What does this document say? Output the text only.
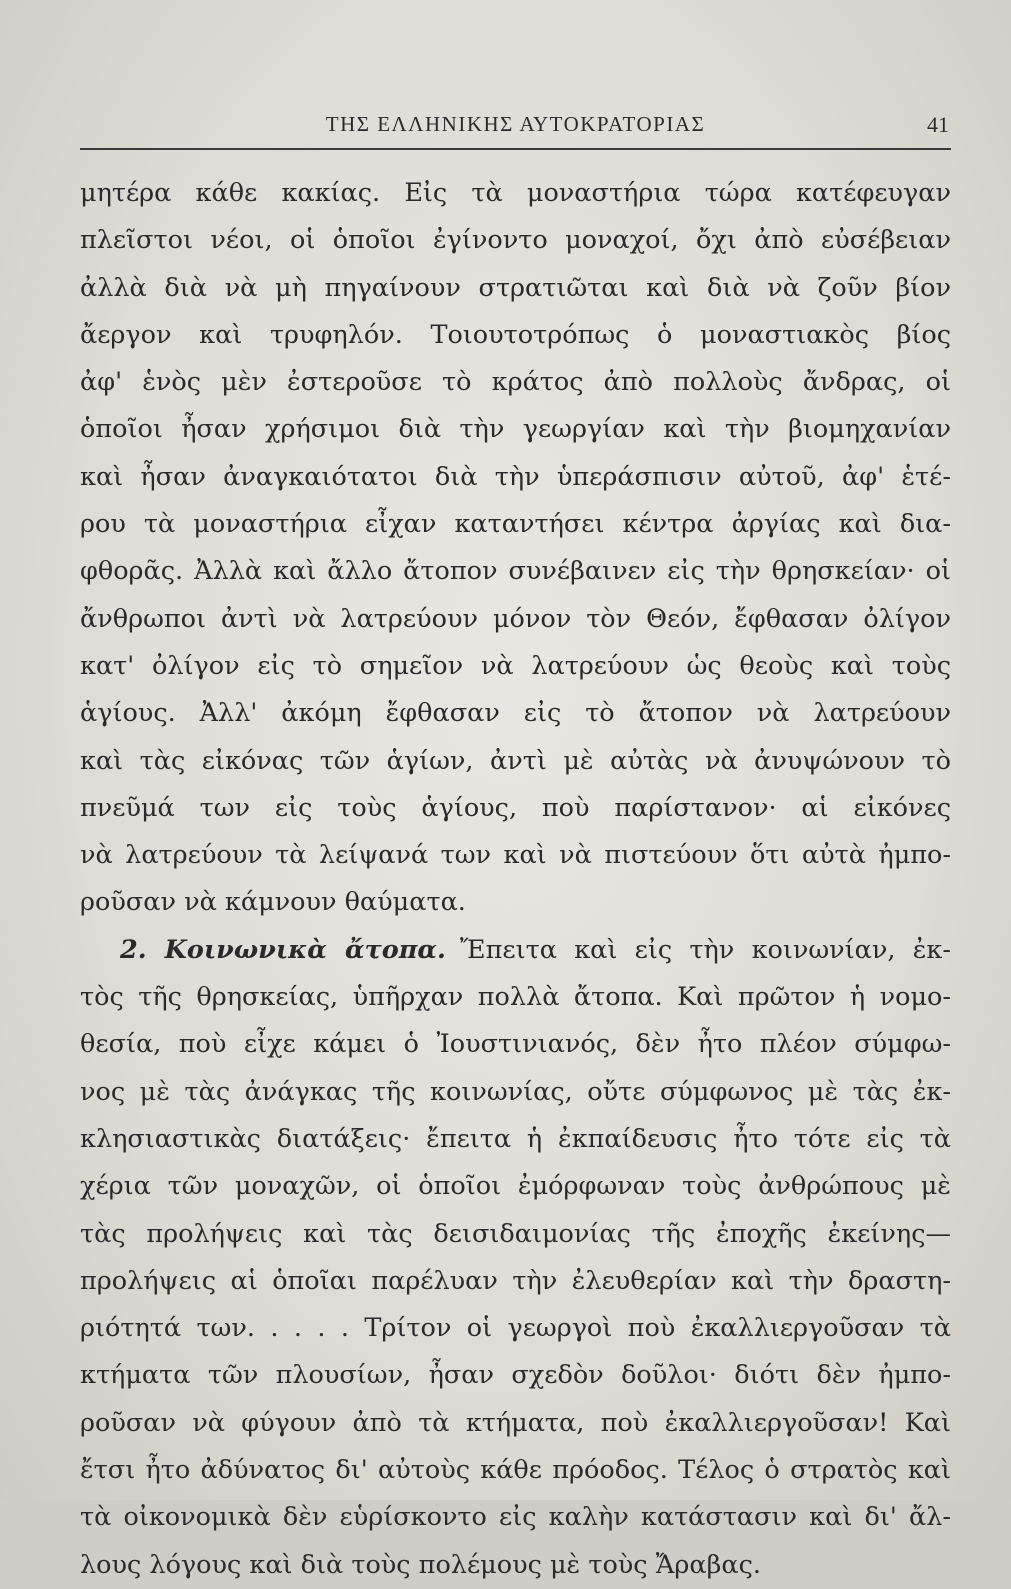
ΤΗΣ ΕΛΛΗΝΙΚΗΣ ΑΥΤΟΚΡΑΤΟΡΙΑΣ	41
μητέρα κάθε κακίας. Εἰς τὰ μοναστήρια τώρα κατέφευγαν
πλεῖστοι νέοι, οἱ ὁποῖοι ἐγίνοντο μοναχοί, ὄχι ἀπὸ εὐσέβειαν
ἀλλὰ διὰ νὰ μὴ πηγαίνουν στρατιῶται καὶ διὰ νὰ ζοῦν βίον
ἄεργον καὶ τρυφηλόν. Τοιουτοτρόπως ὁ μοναστιακὸς βίος
ἀφ' ἑνὸς μὲν ἐστεροῦσε τὸ κράτος ἀπὸ πολλοὺς ἄνδρας, οἱ
ὁποῖοι ἦσαν χρήσιμοι διὰ τὴν γεωργίαν καὶ τὴν βιομηχανίαν
καὶ ἦσαν ἀναγκαιότατοι διὰ τὴν ὑπεράσπισιν αὐτοῦ, ἀφ' ἑτέ-
ρου τὰ μοναστήρια εἶχαν καταντήσει κέντρα ἀργίας καὶ δια-
φθορᾶς. Ἀλλὰ καὶ ἄλλο ἄτοπον συνέβαινεν εἰς τὴν θρησκείαν· οἱ
ἄνθρωποι ἀντὶ νὰ λατρεύουν μόνον τὸν Θεόν, ἔφθασαν ὀλίγον
κατ' ὀλίγον εἰς τὸ σημεῖον νὰ λατρεύουν ὡς θεοὺς καὶ τοὺς
ἁγίους. Ἀλλ' ἀκόμη ἔφθασαν εἰς τὸ ἄτοπον νὰ λατρεύουν
καὶ τὰς εἰκόνας τῶν ἁγίων, ἀντὶ μὲ αὐτὰς νὰ ἀνυψώνουν τὸ
πνεῦμά των εἰς τοὺς ἁγίους, ποὺ παρίστανον· αἱ εἰκόνες
νὰ λατρεύουν τὰ λείψανά των καὶ νὰ πιστεύουν ὅτι αὐτὰ ἠμπο-
ροῦσαν νὰ κάμνουν θαύματα.
2. Κοινωνικὰ ἄτοπα. Ἔπειτα καὶ εἰς τὴν κοινωνίαν, ἐκ-
τὸς τῆς θρησκείας, ὑπῆρχαν πολλὰ ἄτοπα. Καὶ πρῶτον ἡ νομο-
θεσία, ποὺ εἶχε κάμει ὁ Ἰουστινιανός, δὲν ἦτο πλέον σύμφω-
νος μὲ τὰς ἀνάγκας τῆς κοινωνίας, οὔτε σύμφωνος μὲ τὰς ἐκ-
κλησιαστικὰς διατάξεις· ἔπειτα ἡ ἐκπαίδευσις ἦτο τότε εἰς τὰ
χέρια τῶν μοναχῶν, οἱ ὁποῖοι ἐμόρφωναν τοὺς ἀνθρώπους μὲ
τὰς προλήψεις καὶ τὰς δεισιδαιμονίας τῆς ἐποχῆς ἐκείνης—
προλήψεις αἱ ὁποῖαι παρέλυαν τὴν ἐλευθερίαν καὶ τὴν δραστη-
ριότητά των. . . . . Τρίτον οἱ γεωργοὶ ποὺ ἐκαλλιεργοῦσαν τὰ
κτήματα τῶν πλουσίων, ἦσαν σχεδὸν δοῦλοι· διότι δὲν ἠμπο-
ροῦσαν νὰ φύγουν ἀπὸ τὰ κτήματα, ποὺ ἐκαλλιεργοῦσαν! Καὶ
ἔτσι ἦτο ἀδύνατος δι' αὐτοὺς κάθε πρόοδος. Τέλος ὁ στρατὸς καὶ
τὰ οἰκονομικὰ δὲν εὑρίσκοντο εἰς καλὴν κατάστασιν καὶ δι' ἄλ-
λους λόγους καὶ διὰ τοὺς πολέμους μὲ τοὺς Ἄραβας.
